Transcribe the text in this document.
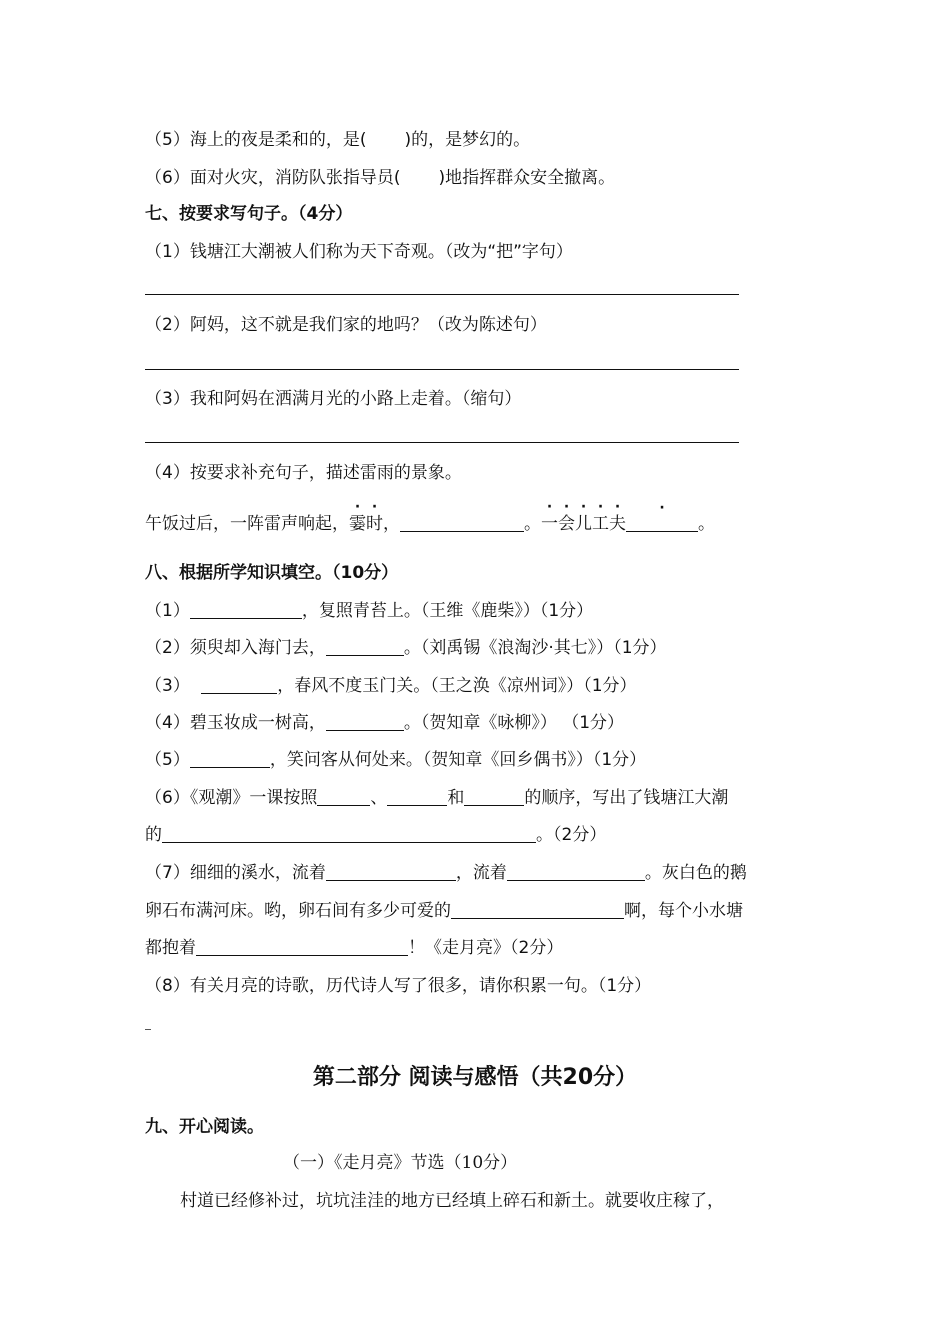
（5）海上的夜是柔和的，是( )的，是梦幻的。
（6）面对火灾，消防队张指导员( )地指挥群众安全撤离。
七、按要求写句子。（4分）
（1）钱塘江大潮被人们称为天下奇观。（改为“把”字句）
（2）阿妈，这不就是我们家的地吗？（改为陈述句）
（3）我和阿妈在洒满月光的小路上走着。（缩句）
（4）按要求补充句子，描述雷雨的景象。
午饭过后，一阵雷声响起，霎时，	。一会儿工夫·	。
八、根据所学知识填空。（10分）
（1）	，复照青苔上。（王维《鹿柴》）（1分）
（2）须臾却入海门去，	。（刘禹锡《浪淘沙·其七》）（1分）
（3）	，春风不度玉门关。（王之涣《凉州词》）（1分）
（4）碧玉妆成一树高，	。（贺知章《咏柳》） （1分）
（5）	，笑问客从何处来。（贺知章《回乡偶书》）（1分）
（6）《观潮》一课按照	、	和	的顺序，写出了钱塘江大潮
的	。（2分）
（7）细细的溪水，流着	，流着	。灰白色的鹅
卵石布满河床。哟，卵石间有多少可爱的	啊，每个小水塘
都抱着	！《走月亮》（2分）
（8）有关月亮的诗歌，历代诗人写了很多，请你积累一句。（1分）
第二部分 阅读与感悟（共20分）
九、开心阅读。
（一）《走月亮》节选（10分）
村道已经修补过，坑坑洼洼的地方已经填上碎石和新土。就要收庄稼了，
